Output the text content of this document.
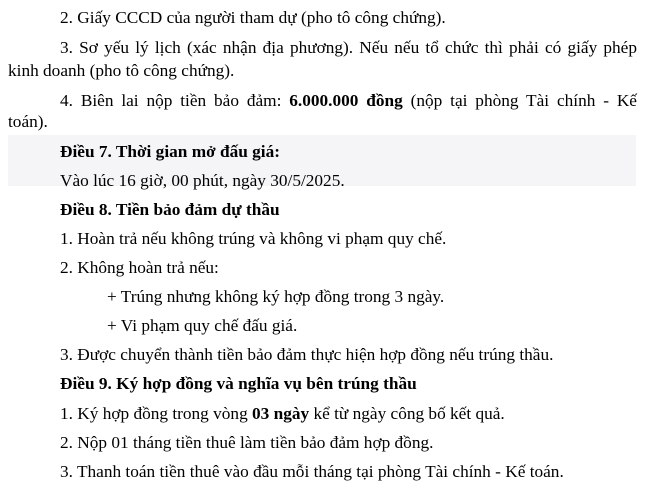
2. Giấy CCCD của người tham dự (pho tô công chứng).
3. Sơ yếu lý lịch (xác nhận địa phương). Nếu nếu tổ chức thì phải có giấy phép
kinh doanh (pho tô công chứng).
4. Biên lai nộp tiền bảo đảm: 6.000.000 đồng (nộp tại phòng Tài chính - Kế
toán).
Điều 7. Thời gian mở đấu giá:
Vào lúc 16 giờ, 00 phút, ngày 30/5/2025.
Điều 8. Tiền bảo đảm dự thầu
1. Hoàn trả nếu không trúng và không vi phạm quy chế.
2. Không hoàn trả nếu:
+ Trúng nhưng không ký hợp đồng trong 3 ngày.
+ Vi phạm quy chế đấu giá.
3. Được chuyển thành tiền bảo đảm thực hiện hợp đồng nếu trúng thầu.
Điều 9. Ký hợp đồng và nghĩa vụ bên trúng thầu
1. Ký hợp đồng trong vòng 03 ngày kể từ ngày công bố kết quả.
2. Nộp 01 tháng tiền thuê làm tiền bảo đảm hợp đồng.
3. Thanh toán tiền thuê vào đầu mỗi tháng tại phòng Tài chính - Kế toán.
